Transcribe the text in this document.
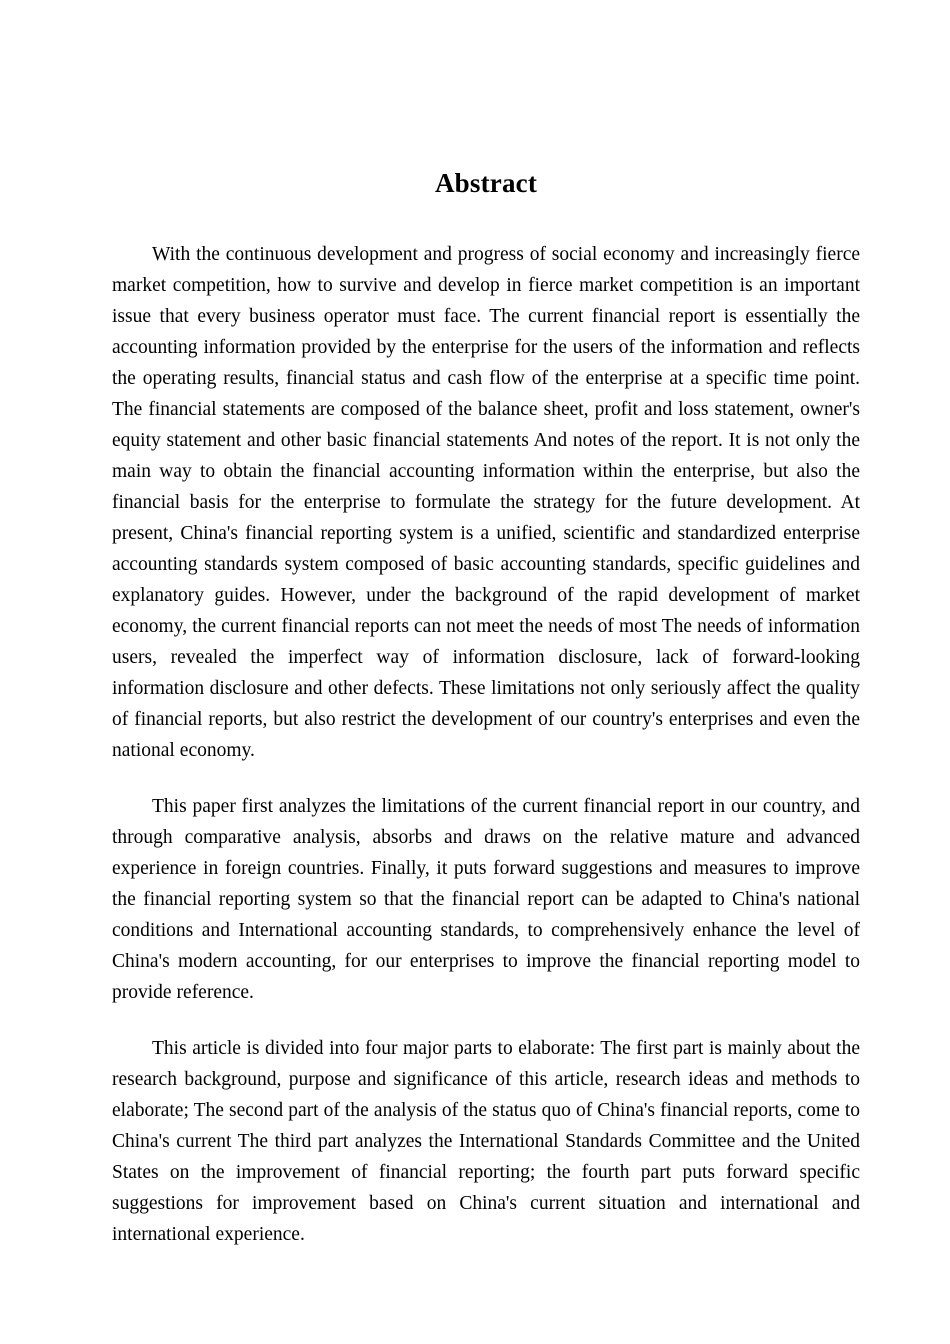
Abstract

With the continuous development and progress of social economy and increasingly fierce market competition, how to survive and develop in fierce market competition is an important issue that every business operator must face. The current financial report is essentially the accounting information provided by the enterprise for the users of the information and reflects the operating results, financial status and cash flow of the enterprise at a specific time point. The financial statements are composed of the balance sheet, profit and loss statement, owner's equity statement and other basic financial statements And notes of the report. It is not only the main way to obtain the financial accounting information within the enterprise, but also the financial basis for the enterprise to formulate the strategy for the future development. At present, China's financial reporting system is a unified, scientific and standardized enterprise accounting standards system composed of basic accounting standards, specific guidelines and explanatory guides. However, under the background of the rapid development of market economy, the current financial reports can not meet the needs of most The needs of information users, revealed the imperfect way of information disclosure, lack of forward-looking information disclosure and other defects. These limitations not only seriously affect the quality of financial reports, but also restrict the development of our country's enterprises and even the national economy.

This paper first analyzes the limitations of the current financial report in our country, and through comparative analysis, absorbs and draws on the relative mature and advanced experience in foreign countries. Finally, it puts forward suggestions and measures to improve the financial reporting system so that the financial report can be adapted to China's national conditions and International accounting standards, to comprehensively enhance the level of China's modern accounting, for our enterprises to improve the financial reporting model to provide reference.

This article is divided into four major parts to elaborate: The first part is mainly about the research background, purpose and significance of this article, research ideas and methods to elaborate; The second part of the analysis of the status quo of China's financial reports, come to China's current The third part analyzes the International Standards Committee and the United States on the improvement of financial reporting; the fourth part puts forward specific suggestions for improvement based on China's current situation and international and international experience.
